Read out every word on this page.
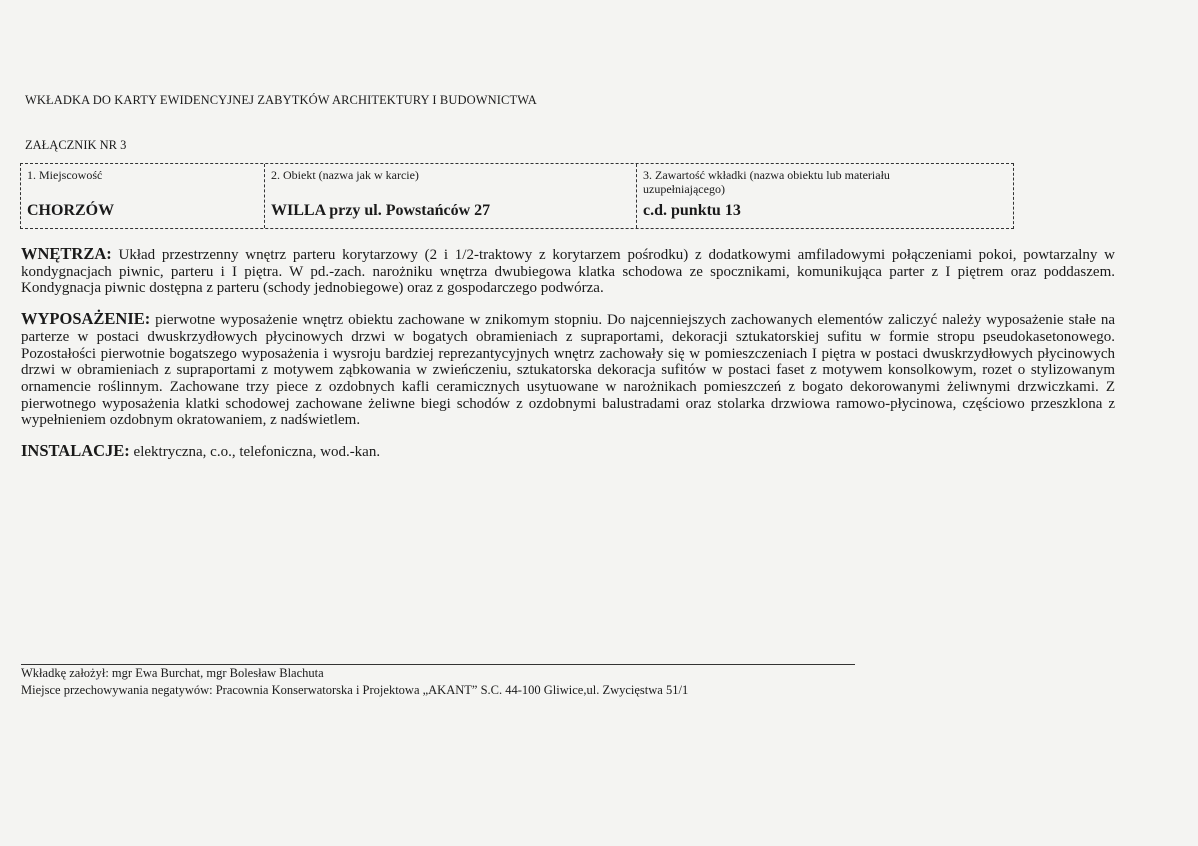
WKŁADKA DO KARTY EWIDENCYJNEJ ZABYTKÓW ARCHITEKTURY I BUDOWNICTWA
ZAŁĄCZNIK NR 3
1. Miejscowość
CHORZÓW
2. Obiekt (nazwa jak w karcie)
WILLA przy ul. Powstańców 27
3. Zawartość wkładki (nazwa obiektu lub materiału uzupełniającego)
c.d. punktu 13

WNĘTRZA: Układ przestrzenny wnętrz parteru korytarzowy (2 i 1/2-traktowy z korytarzem pośrodku) z dodatkowymi amfiladowymi połączeniami pokoi, powtarzalny w kondygnacjach piwnic, parteru i I piętra. W pd.-zach. narożniku wnętrza dwubiegowa klatka schodowa ze spocznikami, komunikująca parter z I piętrem oraz poddaszem. Kondygnacja piwnic dostępna z parteru (schody jednobiegowe) oraz z gospodarczego podwórza.

WYPOSAŻENIE: pierwotne wyposażenie wnętrz obiektu zachowane w znikomym stopniu. Do najcenniejszych zachowanych elementów zaliczyć należy wyposażenie stałe na parterze w postaci dwuskrzydłowych płycinowych drzwi w bogatych obramieniach z supraportami, dekoracji sztukatorskiej sufitu w formie stropu pseudokasetonowego. Pozostałości pierwotnie bogatszego wyposażenia i wysroju bardziej reprezantycyjnych wnętrz zachowały się w pomieszczeniach I piętra w postaci dwuskrzydłowych płycinowych drzwi w obramieniach z supraportami z motywem ząbkowania w zwieńczeniu, sztukatorska dekoracja sufitów w postaci faset z motywem konsolkowym, rozet o stylizowanym ornamencie roślinnym. Zachowane trzy piece z ozdobnych kafli ceramicznych usytuowane w narożnikach pomieszczeń z bogato dekorowanymi żeliwnymi drzwiczkami. Z pierwotnego wyposażenia klatki schodowej zachowane żeliwne biegi schodów z ozdobnymi balustradami oraz stolarka drzwiowa ramowo-płycinowa, częściowo przeszklona z wypełnieniem ozdobnym okratowaniem, z nadświetlem.

INSTALACJE: elektryczna, c.o., telefoniczna, wod.-kan.

Wkładkę założył: mgr Ewa Burchat, mgr Bolesław Blachuta
Miejsce przechowywania negatywów: Pracownia Konserwatorska i Projektowa „AKANT” S.C. 44-100 Gliwice,ul. Zwycięstwa 51/1
